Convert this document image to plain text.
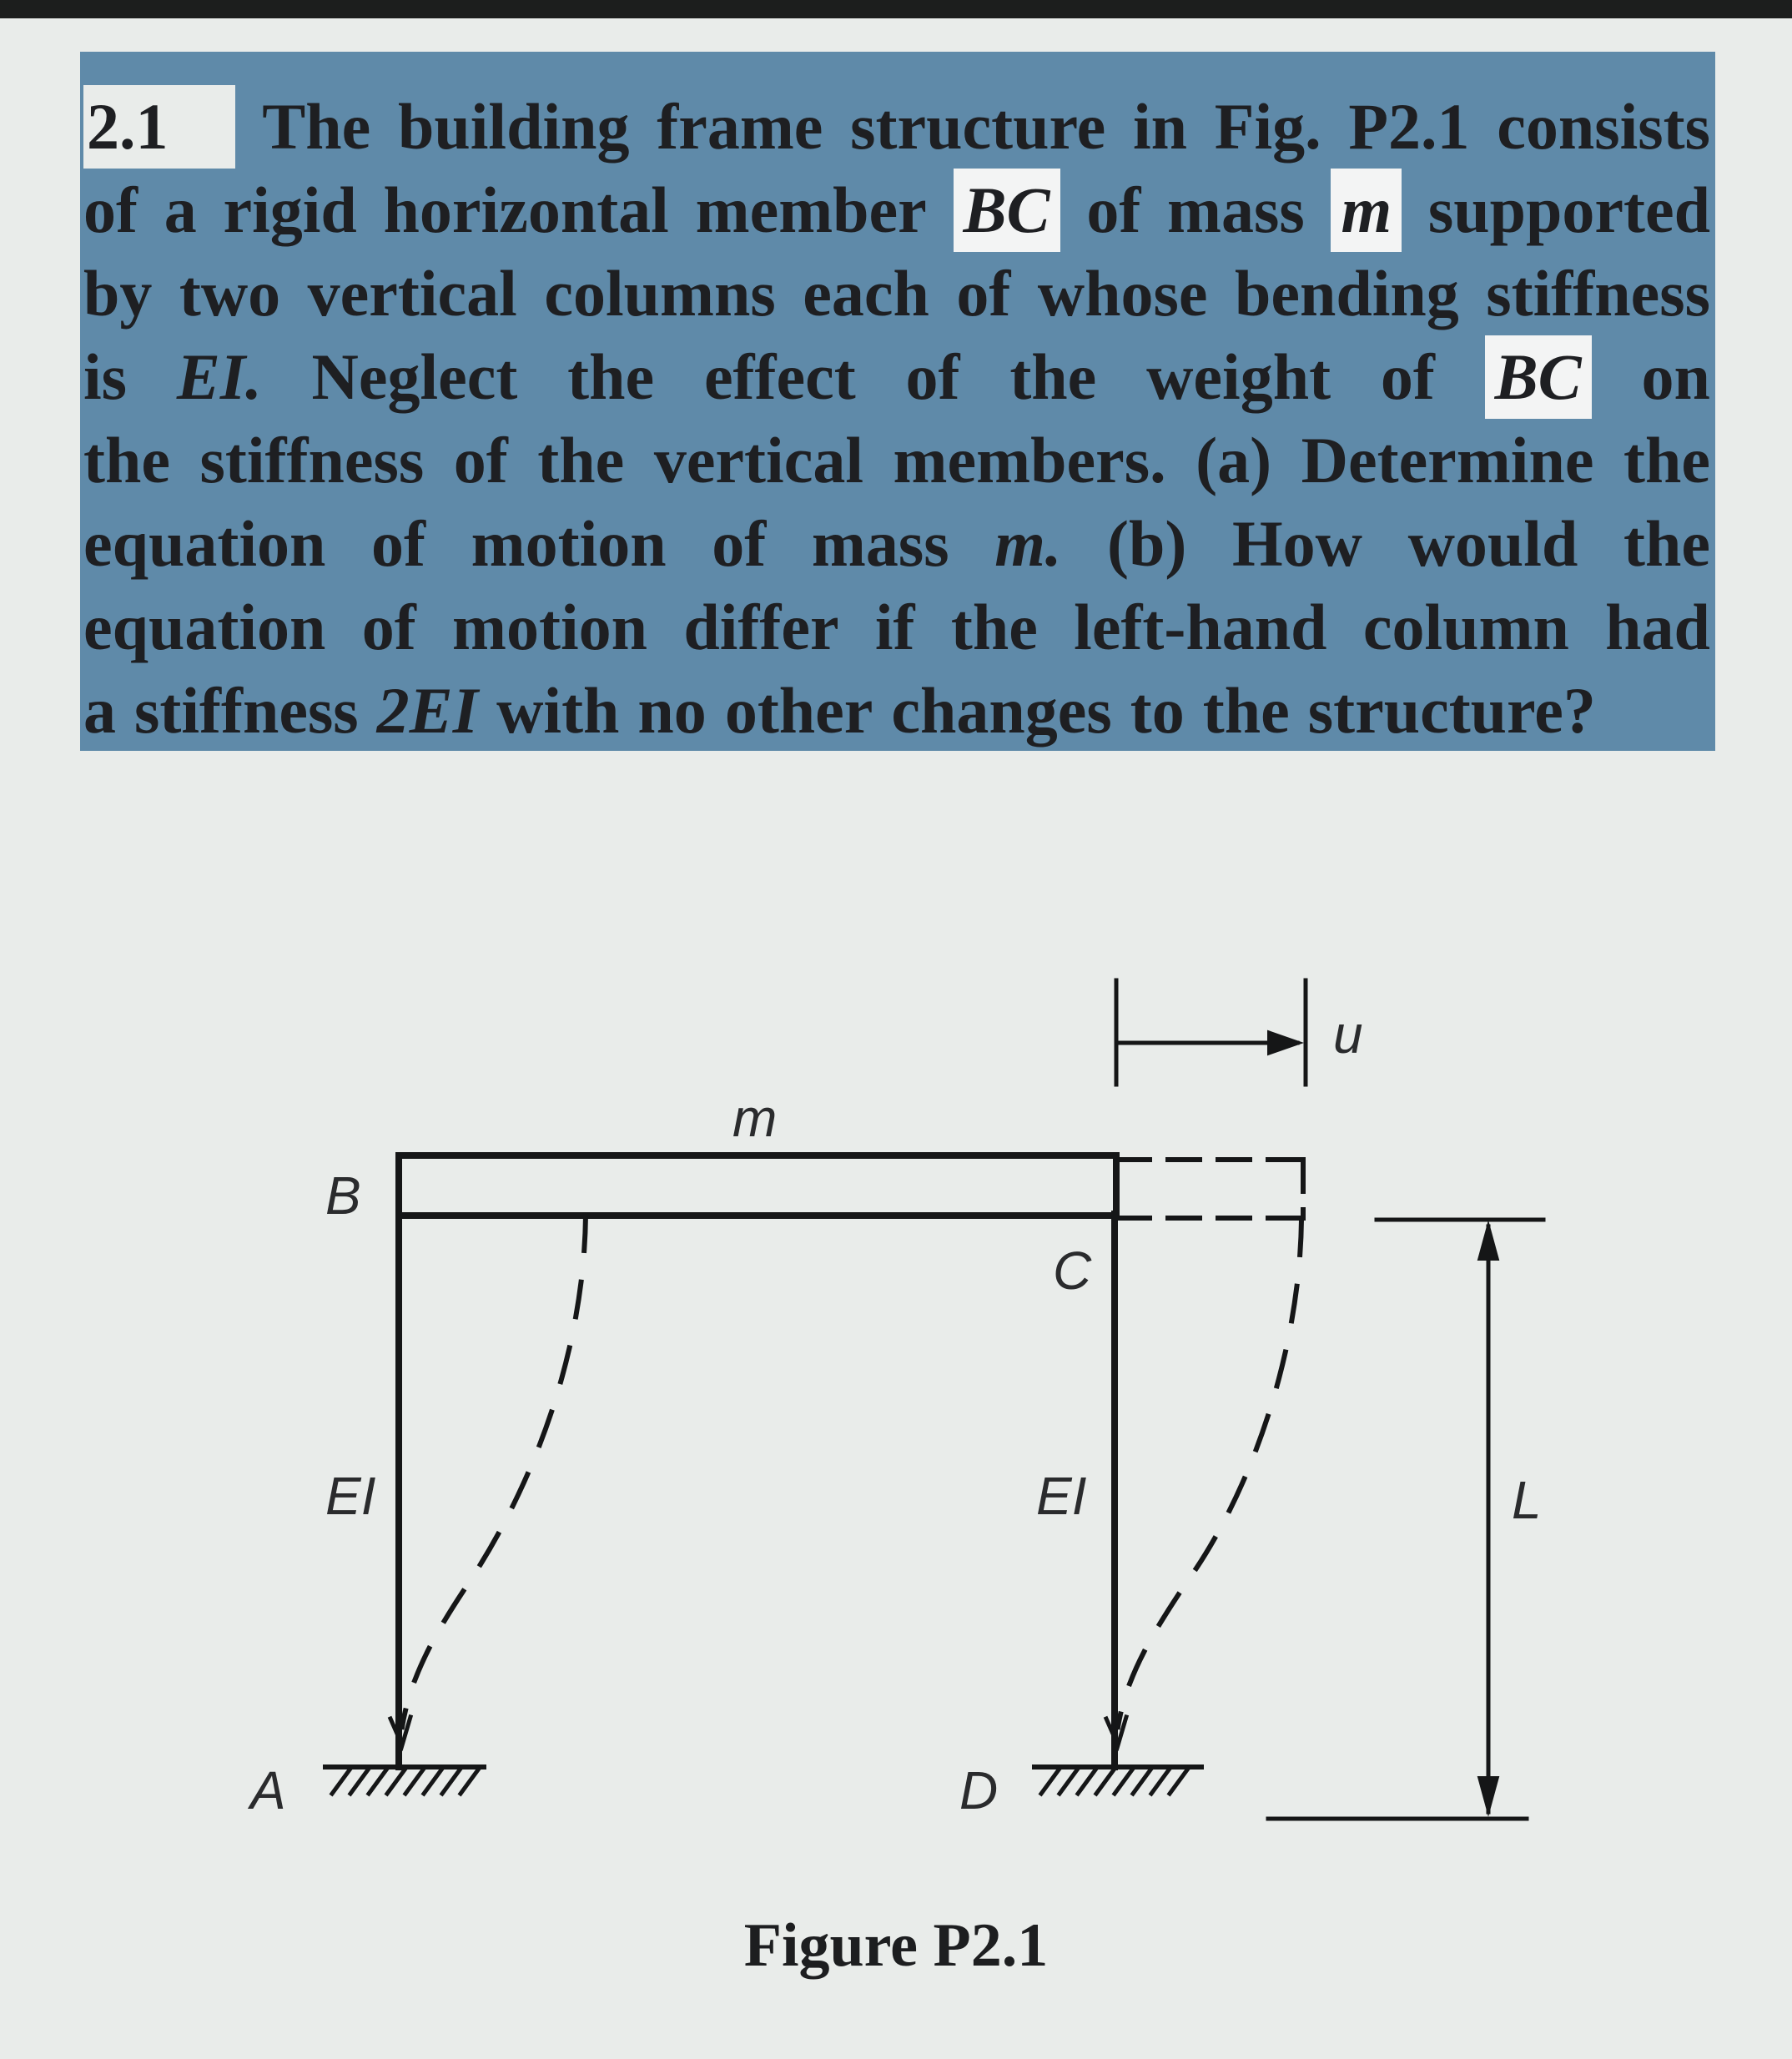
2.1	The building frame structure in Fig. P2.1 consists
of a rigid horizontal member BC of mass m supported
by two vertical columns each of whose bending stiffness
is EI. Neglect the effect of the weight of BC on
the stiffness of the vertical members. (a) Determine the
equation of motion of mass m. (b) How would the
equation of motion differ if the left-hand column had
a stiffness 2EI with no other changes to the structure?
m
B
C
EI	EI	L
u
A	D
Figure P2.1
